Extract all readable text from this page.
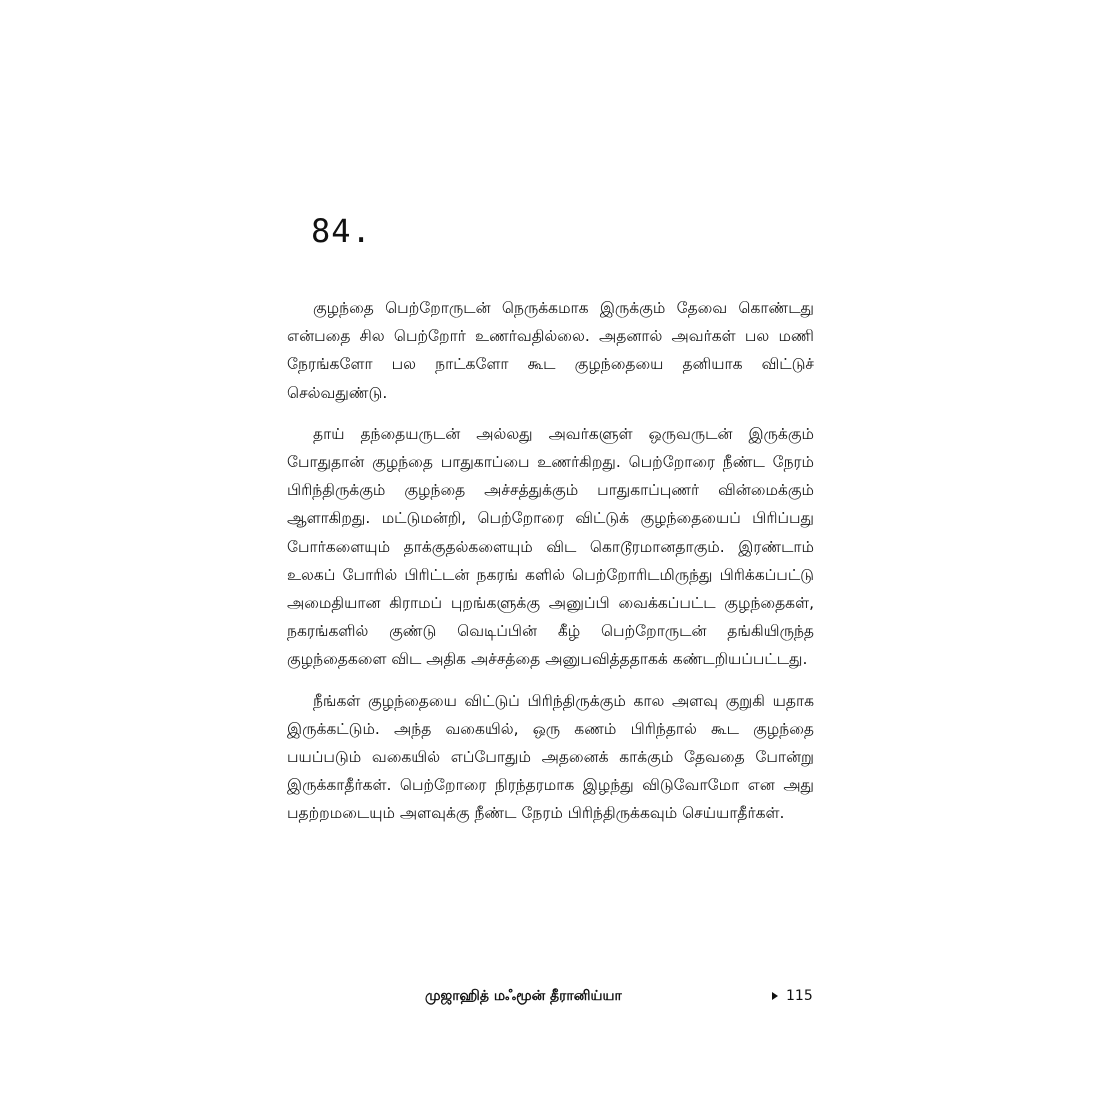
84.

குழந்தை பெற்றோருடன் நெருக்கமாக இருக்கும் தேவை கொண்டது என்பதை சில பெற்றோர் உணர்வதில்லை. அதனால் அவர்கள் பல மணி நேரங்களோ பல நாட்களோ கூட குழந்தையை தனியாக விட்டுச் செல்வதுண்டு.

தாய் தந்தையருடன் அல்லது அவர்களுள் ஒருவருடன் இருக்கும் போதுதான் குழந்தை பாதுகாப்பை உணர்கிறது. பெற்றோரை நீண்ட நேரம் பிரிந்திருக்கும் குழந்தை அச்சத்துக்கும் பாதுகாப்புணர் வின்மைக்கும் ஆளாகிறது. மட்டுமன்றி, பெற்றோரை விட்டுக் குழந்தையைப் பிரிப்பது போர்களையும் தாக்குதல்களையும் விட கொடூரமானதாகும். இரண்டாம் உலகப் போரில் பிரிட்டன் நகரங் களில் பெற்றோரிடமிருந்து பிரிக்கப்பட்டு அமைதியான கிராமப் புறங்களுக்கு அனுப்பி வைக்கப்பட்ட குழந்தைகள், நகரங்களில் குண்டு வெடிப்பின் கீழ் பெற்றோருடன் தங்கியிருந்த குழந்தைகளை விட அதிக அச்சத்தை அனுபவித்ததாகக் கண்டறியப்பட்டது.

நீங்கள் குழந்தையை விட்டுப் பிரிந்திருக்கும் கால அளவு குறுகி யதாக இருக்கட்டும். அந்த வகையில், ஒரு கணம் பிரிந்தால் கூட குழந்தை பயப்படும் வகையில் எப்போதும் அதனைக் காக்கும் தேவதை போன்று இருக்காதீர்கள். பெற்றோரை நிரந்தரமாக இழந்து விடுவோமோ என அது பதற்றமடையும் அளவுக்கு நீண்ட நேரம் பிரிந்திருக்கவும் செய்யாதீர்கள்.

முஜாஹித் மஃமூன் தீரானிய்யா	115
